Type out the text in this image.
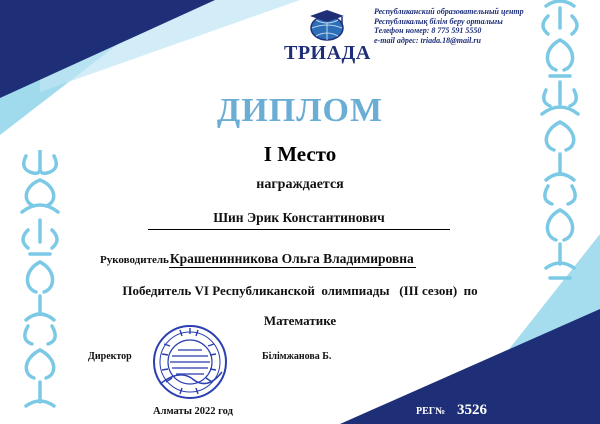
ТРИАДА
Республиканский образовательный центр
Республикалық білім беру орталығы
Телефон номер: 8 775 591 5550
e-mail адрес: triada.18@mail.ru
ДИПЛОМ
I Место
награждается
Шин Эрик Константинович
РуководительКрашенинникова Ольга Владимировна
Победитель VI Республиканской  олимпиады   (III сезон)  по
Математике
Директор	Білімжанова Б.
Алматы 2022 год	РЕГ№ 3526
